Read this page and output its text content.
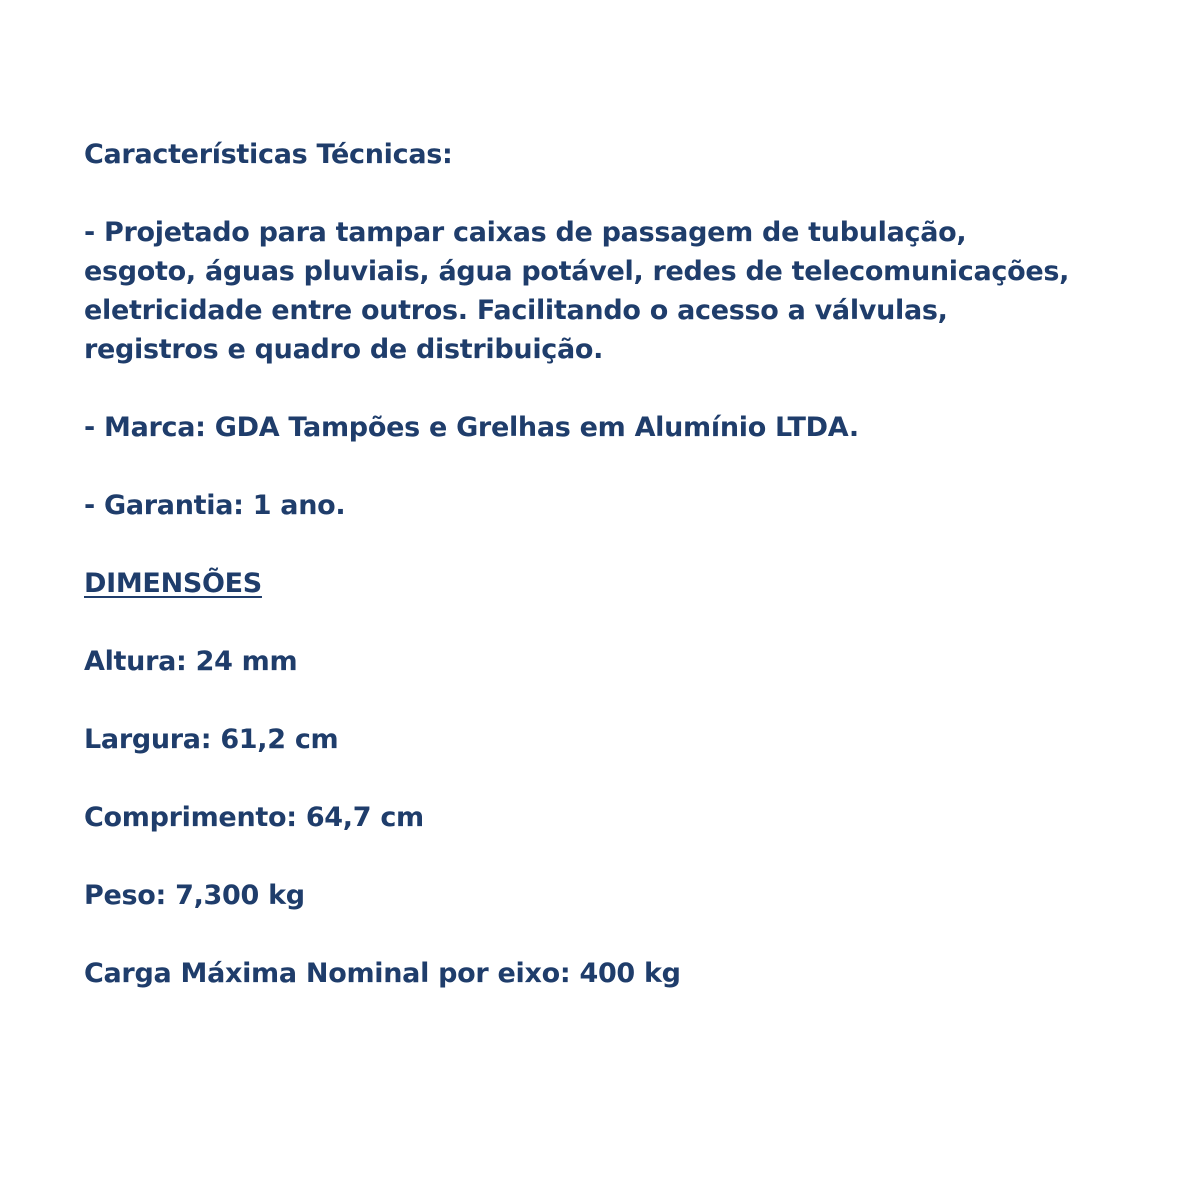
Características Técnicas:
- Projetado para tampar caixas de passagem de tubulação,
esgoto, águas pluviais, água potável, redes de telecomunicações,
eletricidade entre outros. Facilitando o acesso a válvulas,
registros e quadro de distribuição.
- Marca: GDA Tampões e Grelhas em Alumínio LTDA.
- Garantia: 1 ano.
DIMENSÕES
Altura: 24 mm
Largura: 61,2 cm
Comprimento: 64,7 cm
Peso: 7,300 kg
Carga Máxima Nominal por eixo: 400 kg
